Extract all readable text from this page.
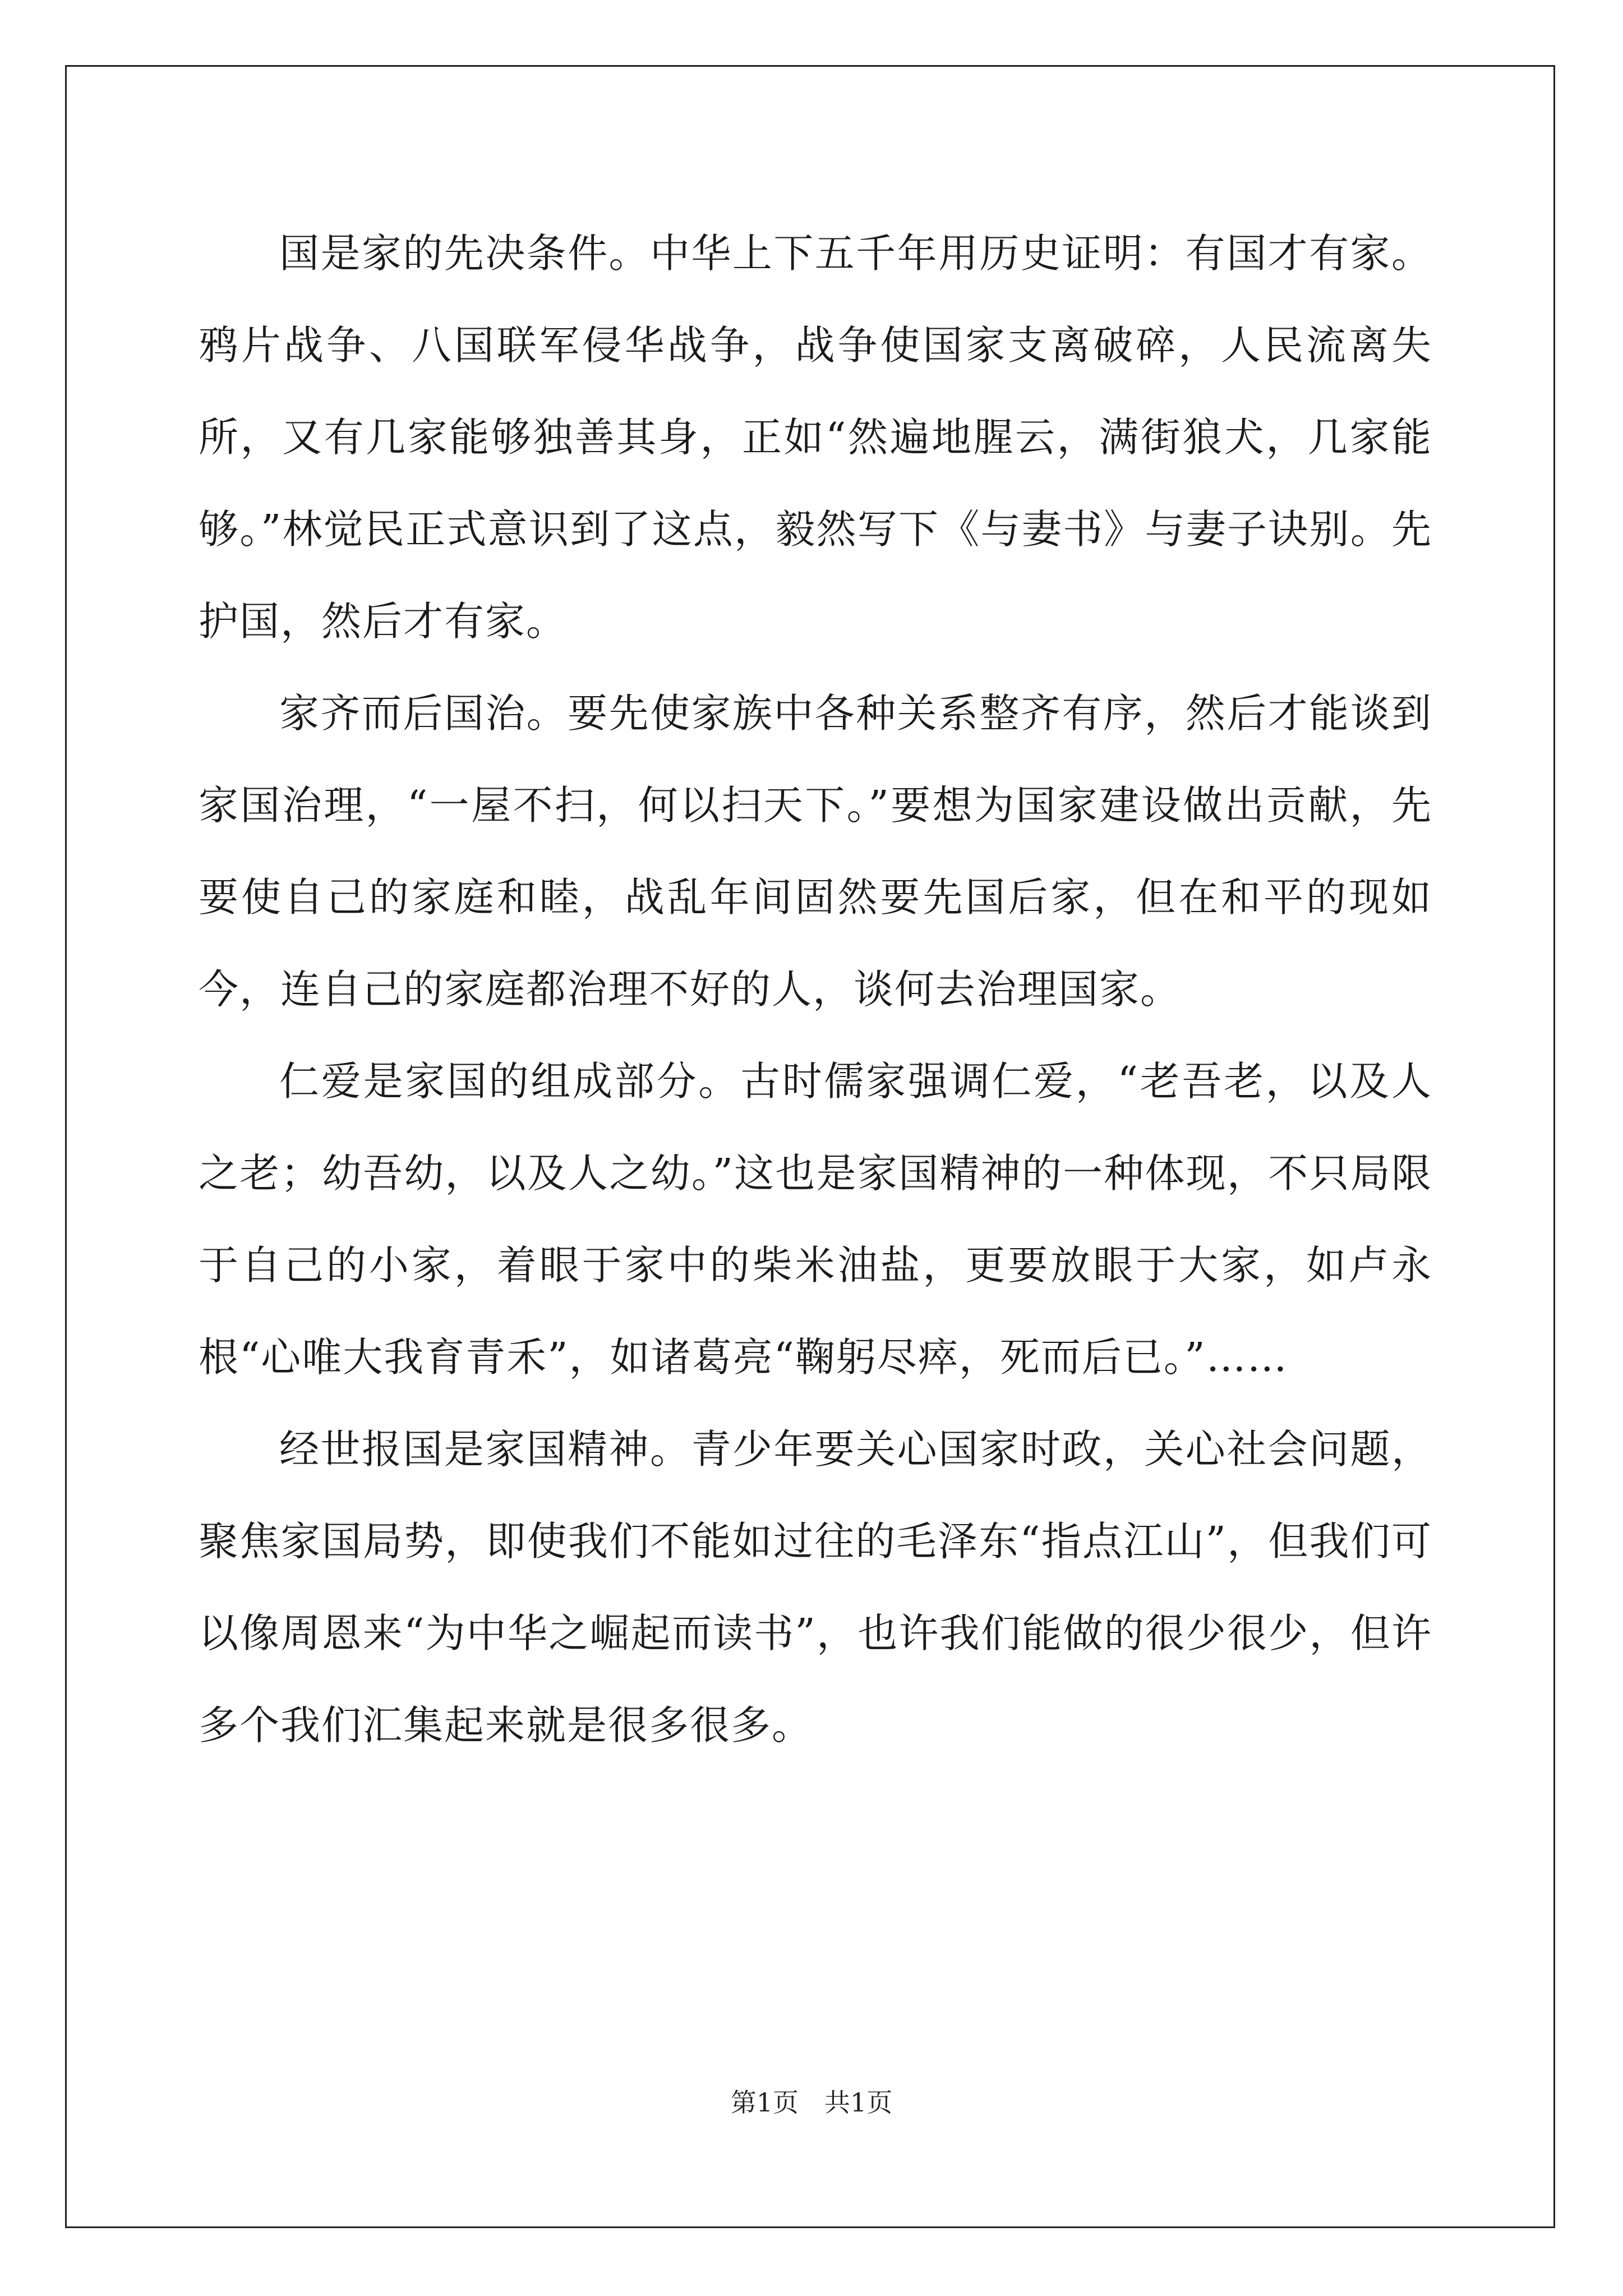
国是家的先决条件。中华上下五千年用历史证明：有国才有家。鸦片战争、八国联军侵华战争，战争使国家支离破碎，人民流离失所，又有几家能够独善其身，正如“然遍地腥云，满街狼犬，几家能够。”林觉民正式意识到了这点，毅然写下《与妻书》与妻子诀别。先护国，然后才有家。

家齐而后国治。要先使家族中各种关系整齐有序，然后才能谈到家国治理，“一屋不扫，何以扫天下。”要想为国家建设做出贡献，先要使自己的家庭和睦，战乱年间固然要先国后家，但在和平的现如今，连自己的家庭都治理不好的人，谈何去治理国家。

仁爱是家国的组成部分。古时儒家强调仁爱，“老吾老，以及人之老；幼吾幼，以及人之幼。”这也是家国精神的一种体现，不只局限于自己的小家，着眼于家中的柴米油盐，更要放眼于大家，如卢永根“心唯大我育青禾”，如诸葛亮“鞠躬尽瘁，死而后已。”……

经世报国是家国精神。青少年要关心国家时政，关心社会问题，聚焦家国局势，即使我们不能如过往的毛泽东“指点江山”，但我们可以像周恩来“为中华之崛起而读书”，也许我们能做的很少很少，但许多个我们汇集起来就是很多很多。

第1页　共1页
